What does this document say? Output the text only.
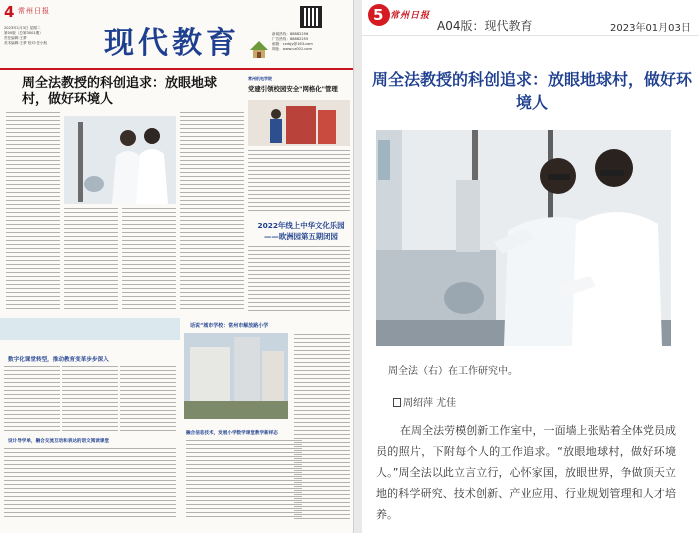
4 常州日报
2023年1月3日 星期二
第00版（总第3001期）
责任编辑:王梦
美术编辑:王梦 校对:任小航	现代教育	新闻热线：88882256
广告热线：88882255
邮箱：czrbjy@163.com
网址：www.cz001.com
周全法教授的科创追求：放眼地球村，做好环境人
常州机电学院
党建引领校园安全"网格化"管理
2022年线上中华文化乐园——欧洲园第五期闭园
数字化课堂转型，推动教育变革步步深入
设计导学单，融合交流互动和表达的语文阅读课堂
话说“城市学校：常州市解放路小学
融合信息技术，发展小学数学课堂教学新样态
5 常州日报
A04版：现代教育	2023年01月03日
周全法教授的科创追求：放眼地球村，做好环境人
周全法（右）在工作研究中。
周绍萍 尤佳
在周全法劳模创新工作室中，一面墙上张贴着全体党员成员的照片，下附每个人的工作追求。“放眼地球村，做好环境人。”周全法以此立言立行，心怀家国，放眼世界，争做顶天立地的科学研究、技术创新、产业应用、行业规划管理和人才培养。
